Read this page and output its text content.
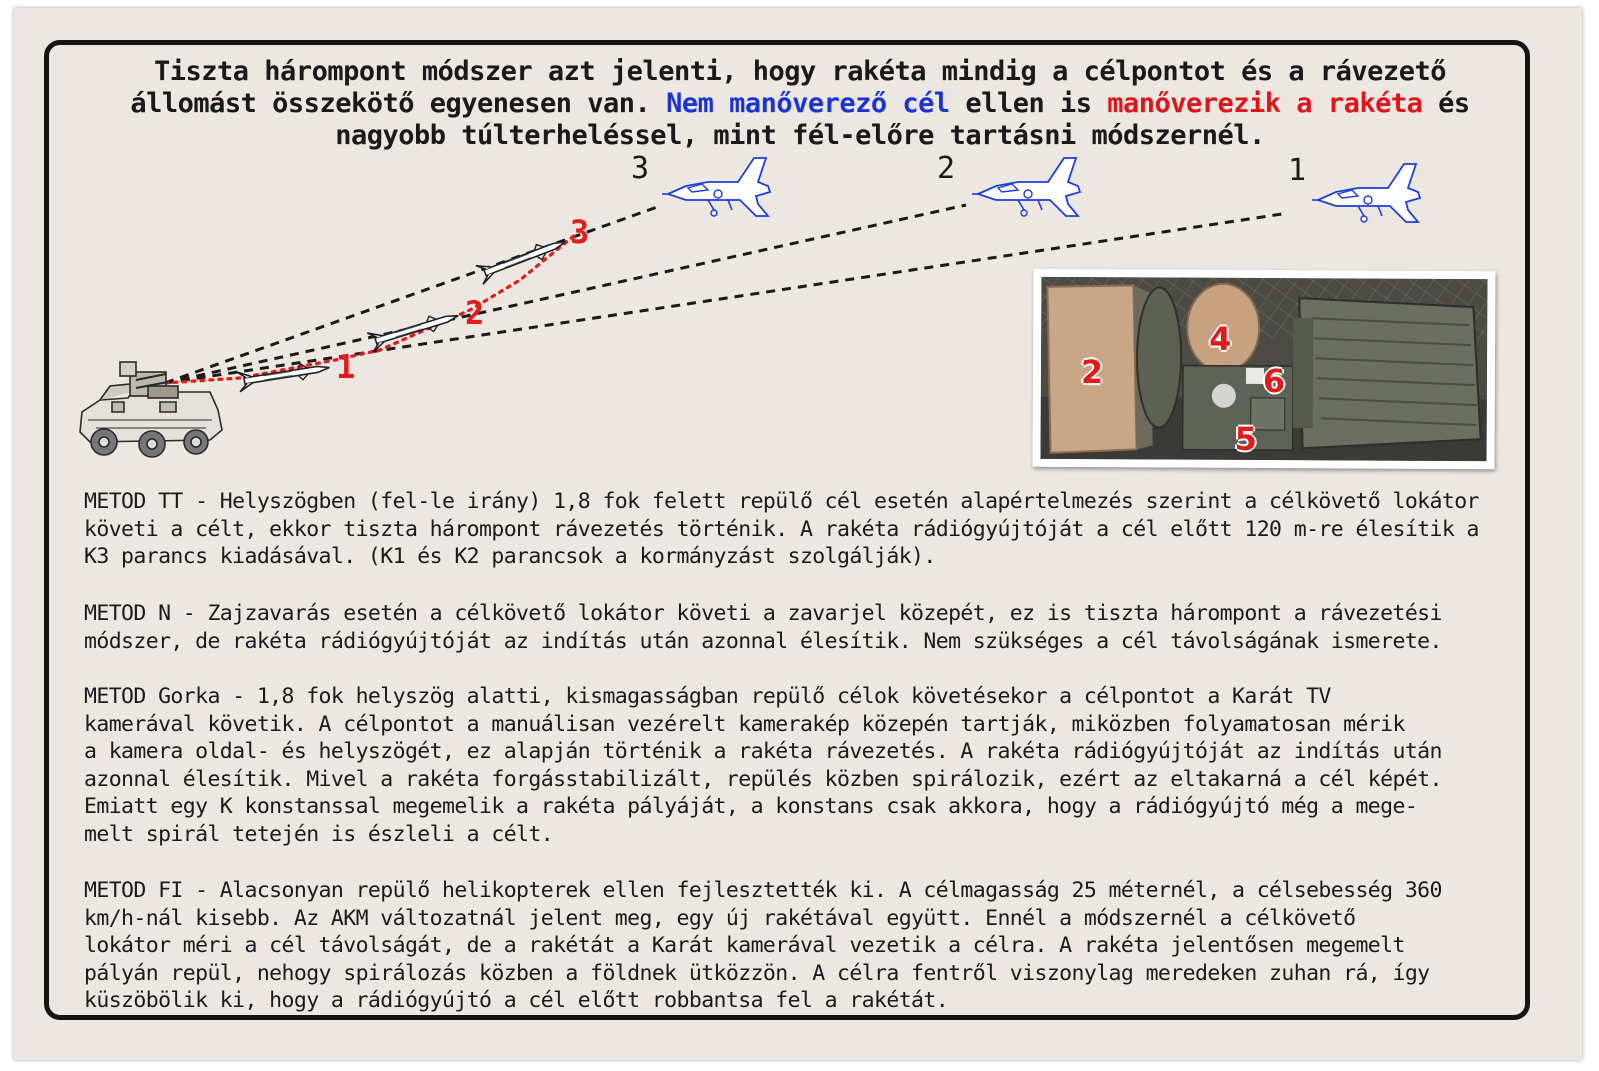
Tiszta hárompont módszer azt jelenti, hogy rakéta mindig a célpontot és a rávezető állomást összekötő egyenesen van. Nem manőverező cél ellen is manőverezik a rakéta és nagyobb túlterheléssel, mint fél-előre tartásni módszernél.
3	2	1
1
2
3
2
4
6
5
METOD TT - Helyszögben (fel-le irány) 1,8 fok felett repülő cél esetén alapértelmezés szerint a célkövető lokátor
követi a célt, ekkor tiszta hárompont rávezetés történik. A rakéta rádiógyújtóját a cél előtt 120 m-re élesítik a
K3 parancs kiadásával. (K1 és K2 parancsok a kormányzást szolgálják).
METOD N - Zajzavarás esetén a célkövető lokátor követi a zavarjel közepét, ez is tiszta hárompont a rávezetési
módszer, de rakéta rádiógyújtóját az indítás után azonnal élesítik. Nem szükséges a cél távolságának ismerete.
METOD Gorka - 1,8 fok helyszög alatti, kismagasságban repülő célok követésekor a célpontot a Karát TV
kamerával követik. A célpontot a manuálisan vezérelt kamerakép közepén tartják, miközben folyamatosan mérik
a kamera oldal- és helyszögét, ez alapján történik a rakéta rávezetés. A rakéta rádiógyújtóját az indítás után
azonnal élesítik. Mivel a rakéta forgásstabilizált, repülés közben spirálozik, ezért az eltakarná a cél képét.
Emiatt egy K konstanssal megemelik a rakéta pályáját, a konstans csak akkora, hogy a rádiógyújtó még a mege-
melt spirál tetején is észleli a célt.
METOD FI - Alacsonyan repülő helikopterek ellen fejlesztették ki. A célmagasság 25 méternél, a célsebesség 360
km/h-nál kisebb. Az AKM változatnál jelent meg, egy új rakétával együtt. Ennél a módszernél a célkövető
lokátor méri a cél távolságát, de a rakétát a Karát kamerával vezetik a célra. A rakéta jelentősen megemelt
pályán repül, nehogy spirálozás közben a földnek ütközzön. A célra fentről viszonylag meredeken zuhan rá, így
küszöbölik ki, hogy a rádiógyújtó a cél előtt robbantsa fel a rakétát.
